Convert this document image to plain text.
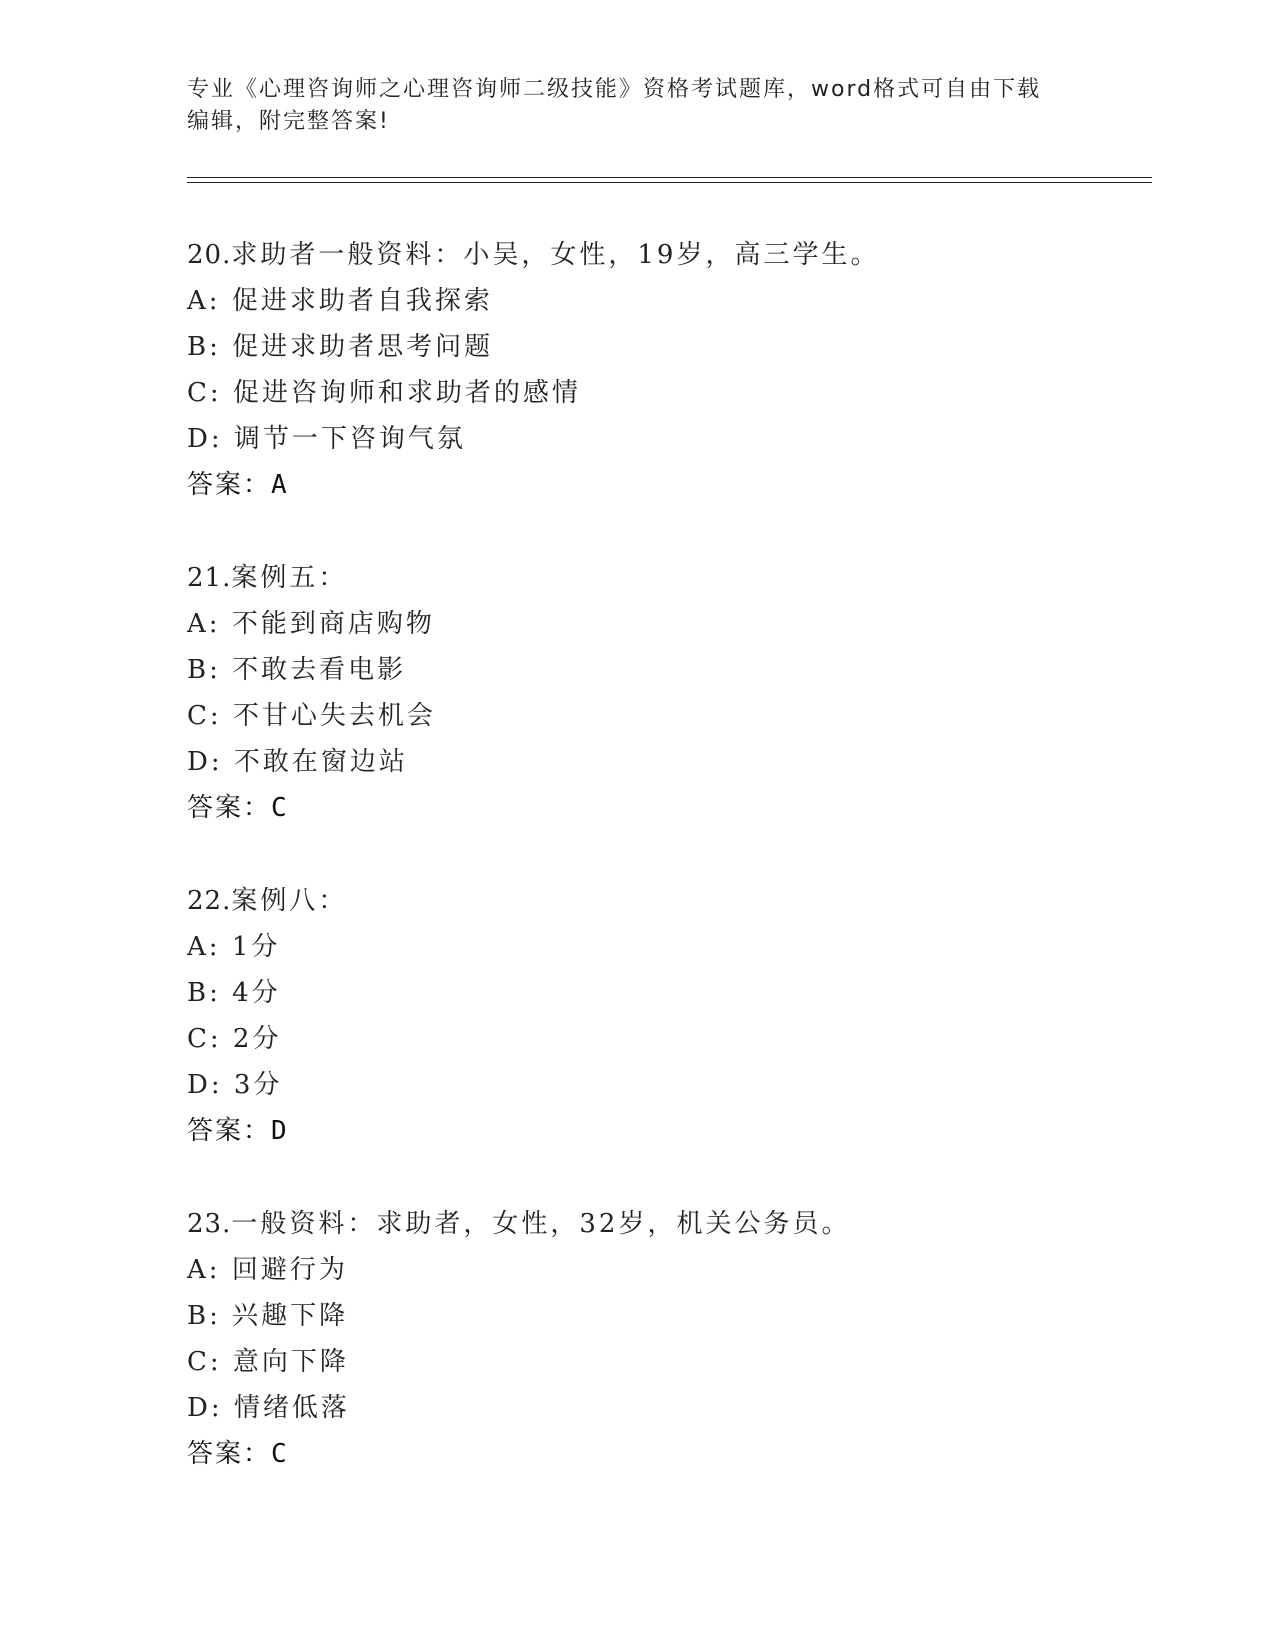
专业《心理咨询师之心理咨询师二级技能》资格考试题库，word格式可自由下载
编辑，附完整答案!
20.求助者一般资料：小吴，女性，19岁，高三学生。
A: 促进求助者自我探索
B: 促进求助者思考问题
C: 促进咨询师和求助者的感情
D: 调节一下咨询气氛
答案：A
21.案例五：
A: 不能到商店购物
B: 不敢去看电影
C: 不甘心失去机会
D: 不敢在窗边站
答案：C
22.案例八：
A: 1分
B: 4分
C: 2分
D: 3分
答案：D
23.一般资料：求助者，女性，32岁，机关公务员。
A: 回避行为
B: 兴趣下降
C: 意向下降
D: 情绪低落
答案：C
